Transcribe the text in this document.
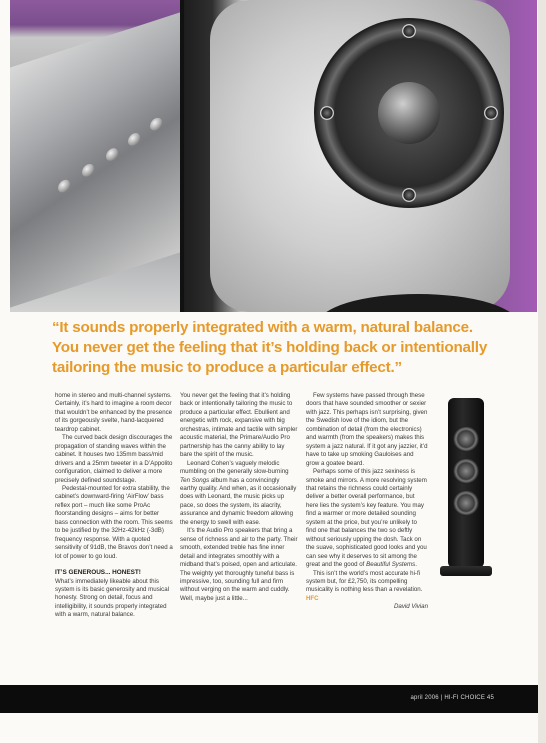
“It sounds properly integrated with a warm, natural balance. You never get the feeling that it’s holding back or intentionally tailoring the music to produce a particular effect.”

home in stereo and multi-channel systems. Certainly, it’s hard to imagine a room decor that wouldn’t be enhanced by the presence of its gorgeously svelte, hand-lacquered teardrop cabinet.

The curved back design discourages the propagation of standing waves within the cabinet. It houses two 135mm bass/mid drivers and a 25mm tweeter in a D’Appolito configuration, claimed to deliver a more precisely defined soundstage.

Pedestal-mounted for extra stability, the cabinet’s downward-firing ‘AirFlow’ bass reflex port – much like some ProAc floorstanding designs – aims for better bass connection with the room. This seems to be justified by the 32Hz-42kHz (-3dB) frequency response. With a quoted sensitivity of 91dB, the Bravos don’t need a lot of power to go loud.

IT’S GENEROUS... HONEST!

What’s immediately likeable about this system is its basic generosity and musical honesty. Strong on detail, focus and intelligibility, it sounds properly integrated with a warm, natural balance.

You never get the feeling that it’s holding back or intentionally tailoring the music to produce a particular effect. Ebullient and energetic with rock, expansive with big orchestras, intimate and tactile with simpler acoustic material, the Primare/Audio Pro partnership has the canny ability to lay bare the spirit of the music.

Leonard Cohen’s vaguely melodic mumbling on the generally slow-burning Ten Songs album has a convincingly earthy quality. And when, as it occasionally does with Leonard, the music picks up pace, so does the system, its alacrity, assurance and dynamic freedom allowing the energy to swell with ease.

It’s the Audio Pro speakers that bring a sense of richness and air to the party. Their smooth, extended treble has fine inner detail and integrates smoothly with a midband that’s poised, open and articulate. The weighty yet thoroughly tuneful bass is impressive, too, sounding full and firm without verging on the warm and cuddly. Well, maybe just a little...

Few systems have passed through these doors that have sounded smoother or sexier with jazz. This perhaps isn’t surprising, given the Swedish love of the idiom, but the combination of detail (from the electronics) and warmth (from the speakers) makes this system a jazz natural. If it got any jazzier, it’d have to take up smoking Gauloises and grow a goatee beard.

Perhaps some of this jazz sexiness is smoke and mirrors. A more resolving system that retains the richness could certainly deliver a better overall performance, but here lies the system’s key feature. You may find a warmer or more detailed sounding system at the price, but you’re unlikely to find one that balances the two so deftly without seriously upping the dosh. Tack on the suave, sophisticated good looks and you can see why it deserves to sit among the great and the good of Beautiful Systems.

This isn’t the world’s most accurate hi-fi system but, for £2,750, its compelling musicality is nothing less than a revelation. HFC

David Vivian

april 2006 | HI-FI CHOICE 45
